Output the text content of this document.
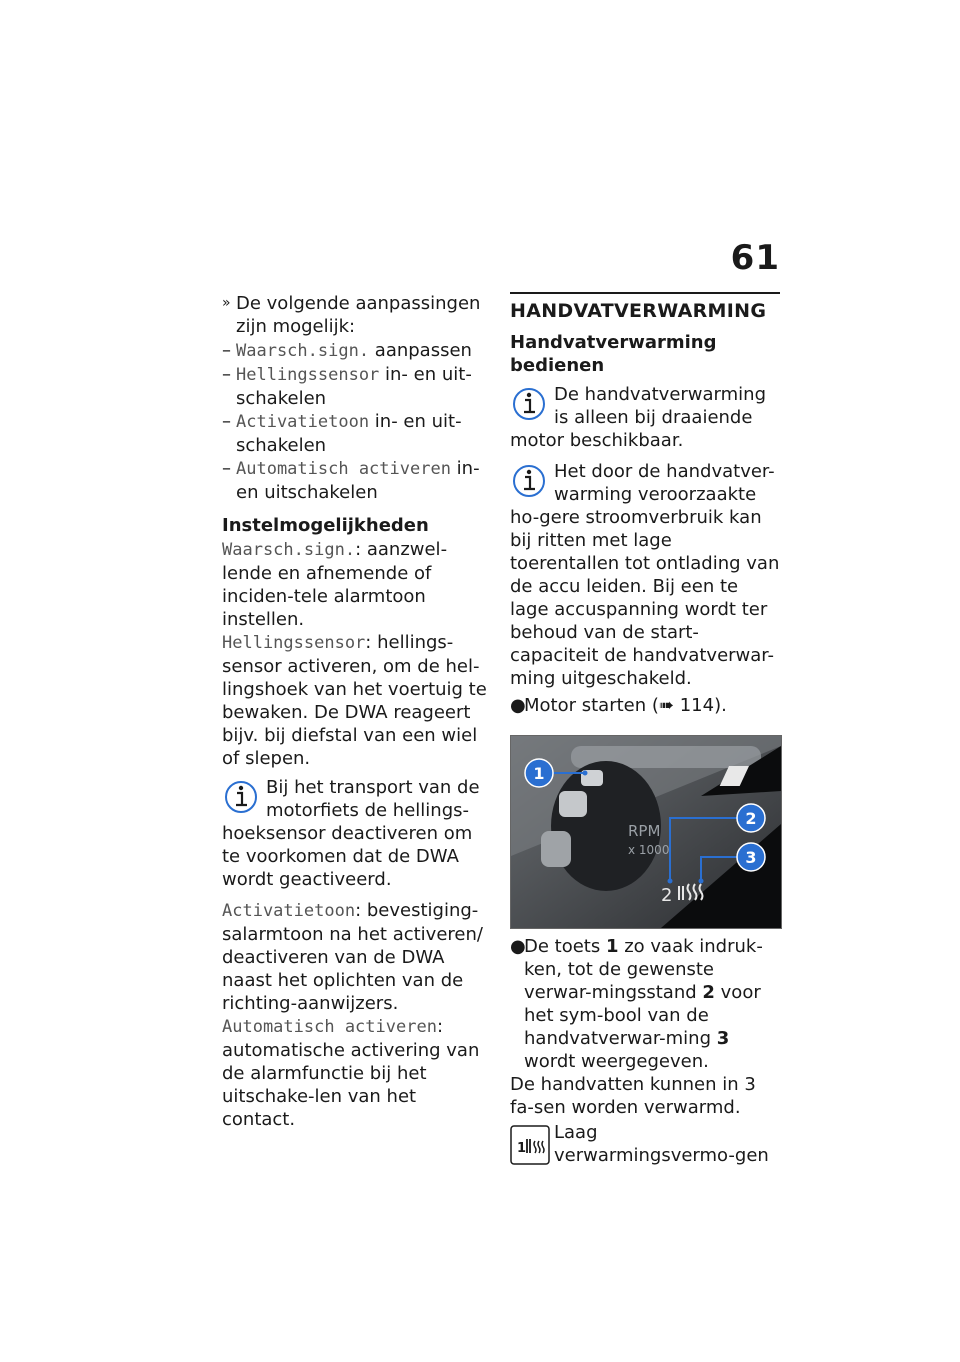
61
» De volgende aanpassingen zijn mogelijk:
– Waarsch.sign. aanpassen
– Hellingssensor in- en uit-schakelen
– Activatietoon in- en uit-schakelen
– Automatisch activeren in- en uitschakelen
Instelmogelijkheden

Waarsch.sign.: aanzwel-lende en afnemende of inciden-tele alarmtoon instellen.

Hellingssensor: hellings-sensor activeren, om de hel-lingshoek van het voertuig te bewaken. De DWA reageert bijv. bij diefstal van een wiel of slepen.

Bij het transport van de motorfiets de hellings-hoeksensor deactiveren om te voorkomen dat de DWA wordt geactiveerd.

Activatietoon: bevestiging-salarmtoon na het activeren/ deactiveren van de DWA naast het oplichten van de richting-aanwijzers.

Automatisch activeren: automatische activering van de alarmfunctie bij het uitschake-len van het contact.

HANDVATVERWARMING
Handvatverwarming bedienen
De handvatverwarming is alleen bij draaiende motor beschikbaar.
Het door de handvatver-warming veroorzaakte ho-gere stroomverbruik kan bij ritten met lage toerentallen tot ontlading van de accu leiden. Bij een te lage accuspanning wordt ter behoud van de start-capaciteit de handvatverwar-ming uitgeschakeld.
●
Motor starten (➠ 114).
RPM
x 1000
2
1
2
3
●
De toets 1 zo vaak indruk-ken, tot de gewenste verwar-mingsstand 2 voor het sym-bool van de handvatverwar-ming 3 wordt weergegeven.

De handvatten kunnen in 3 fa-sen worden verwarmd.

1
Laag verwarmingsvermo-gen
